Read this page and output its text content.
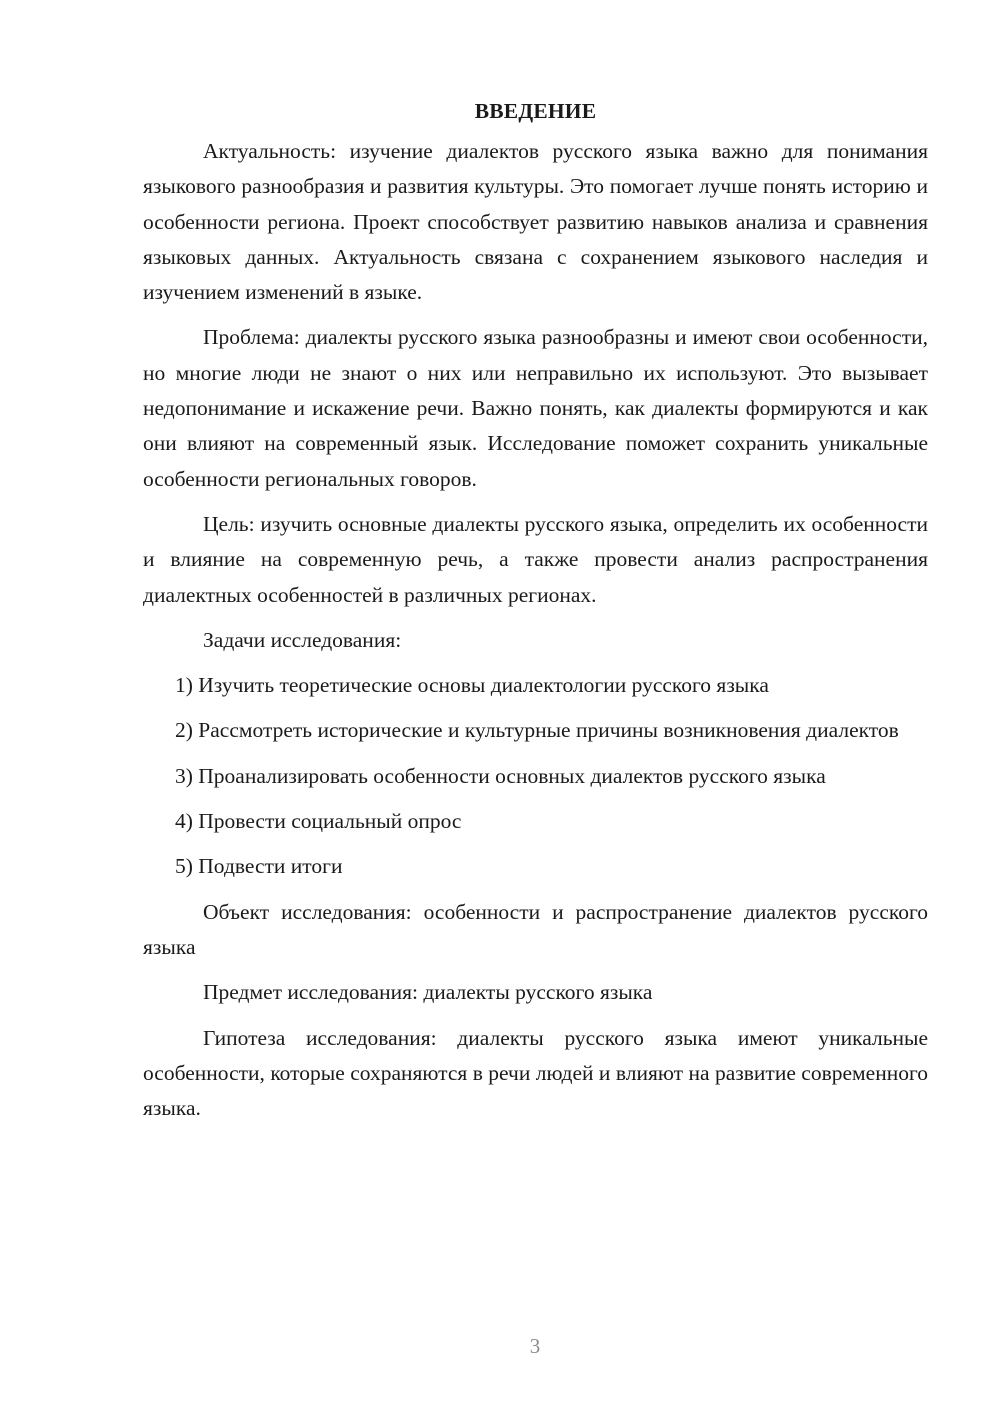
ВВЕДЕНИЕ

Актуальность: изучение диалектов русского языка важно для понимания языкового разнообразия и развития культуры. Это помогает лучше понять историю и особенности региона. Проект способствует развитию навыков анализа и сравнения языковых данных. Актуальность связана с сохранением языкового наследия и изучением изменений в языке.

Проблема: диалекты русского языка разнообразны и имеют свои особенности, но многие люди не знают о них или неправильно их используют. Это вызывает недопонимание и искажение речи. Важно понять, как диалекты формируются и как они влияют на современный язык. Исследование поможет сохранить уникальные особенности региональных говоров.

Цель: изучить основные диалекты русского языка, определить их особенности и влияние на современную речь, а также провести анализ распространения диалектных особенностей в различных регионах.

Задачи исследования:

1) Изучить теоретические основы диалектологии русского языка

2) Рассмотреть исторические и культурные причины возникновения диалектов

3) Проанализировать особенности основных диалектов русского языка

4) Провести социальный опрос

5) Подвести итоги

Объект исследования: особенности и распространение диалектов русского языка

Предмет исследования: диалекты русского языка

Гипотеза исследования: диалекты русского языка имеют уникальные особенности, которые сохраняются в речи людей и влияют на развитие современного языка.

3
